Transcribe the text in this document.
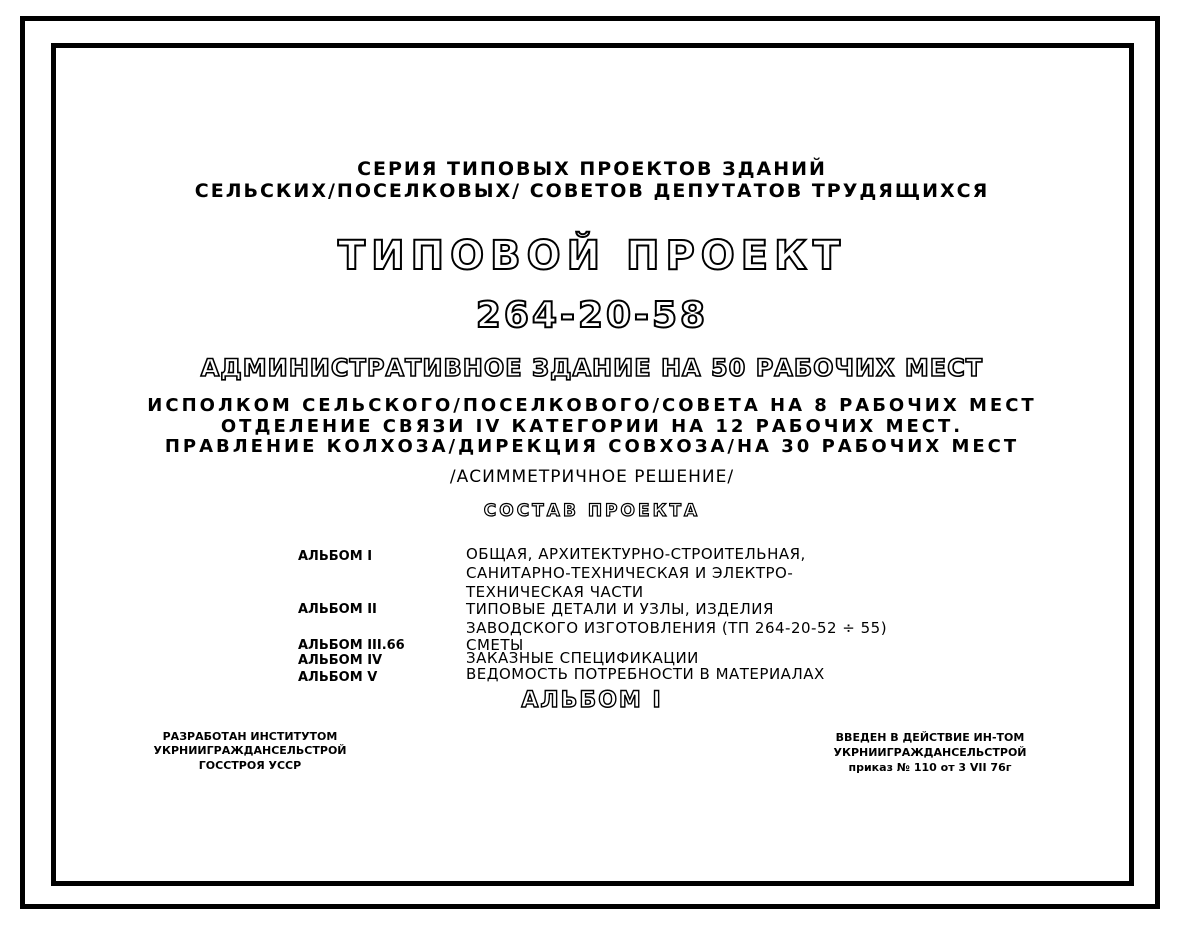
СЕРИЯ ТИПОВЫХ ПРОЕКТОВ ЗДАНИЙ
СЕЛЬСКИХ/ПОСЕЛКОВЫХ/ СОВЕТОВ ДЕПУТАТОВ ТРУДЯЩИХСЯ
ТИПОВОЙ ПРОЕКТ
264-20-58
АДМИНИСТРАТИВНОЕ ЗДАНИЕ НА 50 РАБОЧИХ МЕСТ
ИСПОЛКОМ СЕЛЬСКОГО/ПОСЕЛКОВОГО/СОВЕТА НА 8 РАБОЧИХ МЕСТ
ОТДЕЛЕНИЕ СВЯЗИ IV КАТЕГОРИИ НА 12 РАБОЧИХ МЕСТ.
ПРАВЛЕНИЕ КОЛХОЗА/ДИРЕКЦИЯ СОВХОЗА/НА 30 РАБОЧИХ МЕСТ
/АСИММЕТРИЧНОЕ РЕШЕНИЕ/
СОСТАВ ПРОЕКТА
АЛЬБОМ I	ОБЩАЯ, АРХИТЕКТУРНО-СТРОИТЕЛЬНАЯ,
САНИТАРНО-ТЕХНИЧЕСКАЯ И ЭЛЕКТРО-
ТЕХНИЧЕСКАЯ ЧАСТИ
АЛЬБОМ II	ТИПОВЫЕ ДЕТАЛИ И УЗЛЫ, ИЗДЕЛИЯ
ЗАВОДСКОГО ИЗГОТОВЛЕНИЯ (ТП 264-20-52 ÷ 55)
АЛЬБОМ III.66	СМЕТЫ
АЛЬБОМ IV	ЗАКАЗНЫЕ СПЕЦИФИКАЦИИ
АЛЬБОМ V	ВЕДОМОСТЬ ПОТРЕБНОСТИ В МАТЕРИАЛАХ
АЛЬБОМ I
РАЗРАБОТАН ИНСТИТУТОМ
УКРНИИГРАЖДАНСЕЛЬСТРОЙ
ГОССТРОЯ УССР
ВВЕДЕН В ДЕЙСТВИЕ ИН-ТОМ
УКРНИИГРАЖДАНСЕЛЬСТРОЙ
приказ № 110 от 3 VII 76г
